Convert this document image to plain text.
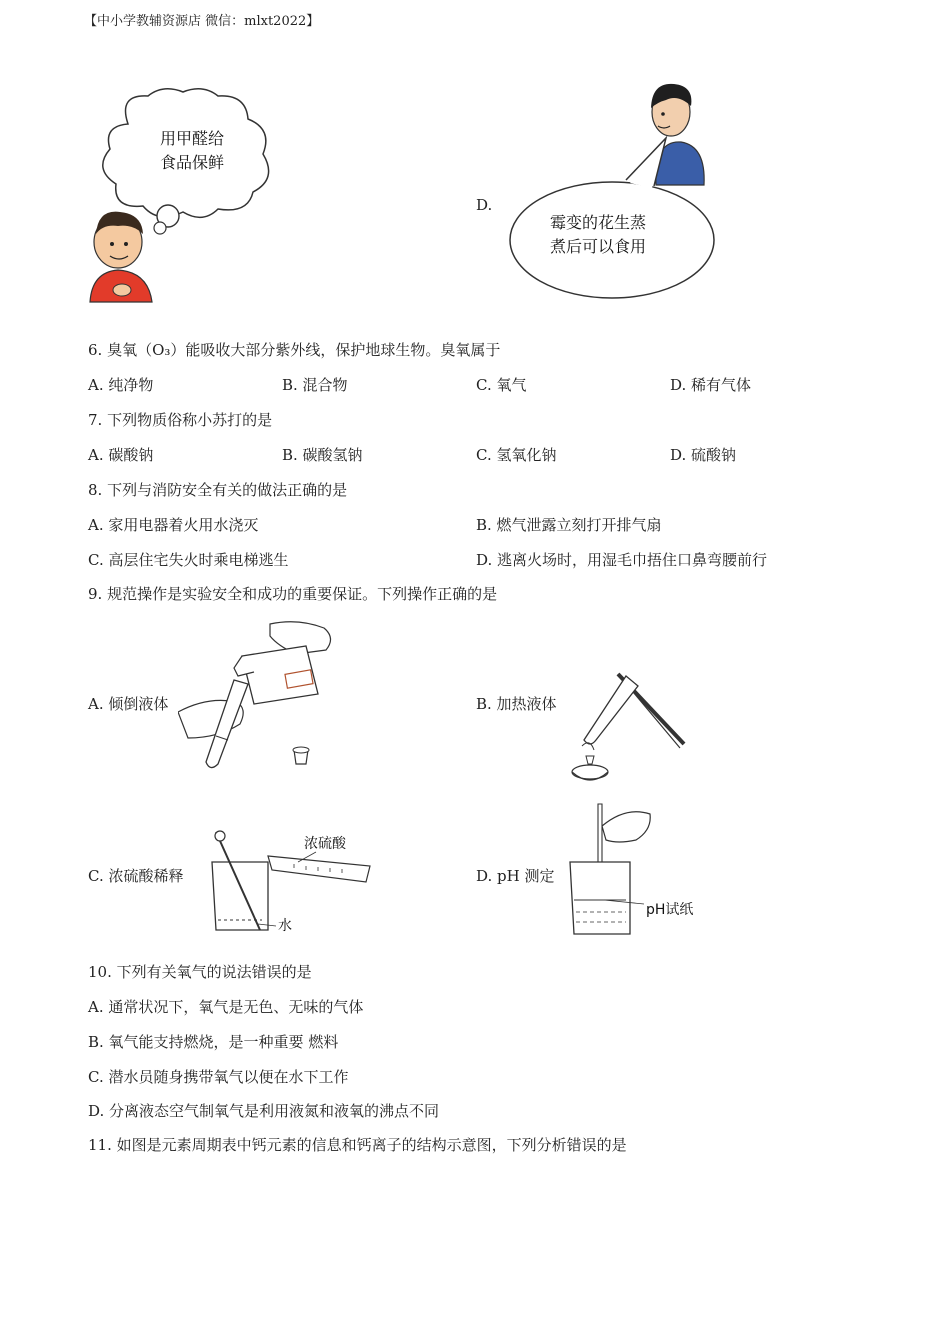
【中小学教辅资源店 微信：mlxt2022】
用甲醛给
食品保鲜
D.
霉变的花生蒸
煮后可以食用
6. 臭氧（O₃）能吸收大部分紫外线，保护地球生物。臭氧属于
A. 纯净物	B. 混合物	C. 氧气	D. 稀有气体
7. 下列物质俗称小苏打的是
A. 碳酸钠	B. 碳酸氢钠	C. 氢氧化钠	D. 硫酸钠
8. 下列与消防安全有关的做法正确的是
A. 家用电器着火用水浇灭	B. 燃气泄露立刻打开排气扇
C. 高层住宅失火时乘电梯逃生	D. 逃离火场时，用湿毛巾捂住口鼻弯腰前行
9. 规范操作是实验安全和成功的重要保证。下列操作正确的是
A. 倾倒液体	B. 加热液体
C. 浓硫酸稀释
浓硫酸
水
D. pH 测定
pH试纸
10. 下列有关氧气的说法错误的是
A. 通常状况下，氧气是无色、无味的气体
B. 氧气能支持燃烧，是一种重要 燃料
C. 潜水员随身携带氧气以便在水下工作
D. 分离液态空气制氧气是利用液氮和液氧的沸点不同
11. 如图是元素周期表中钙元素的信息和钙离子的结构示意图，下列分析错误的是
